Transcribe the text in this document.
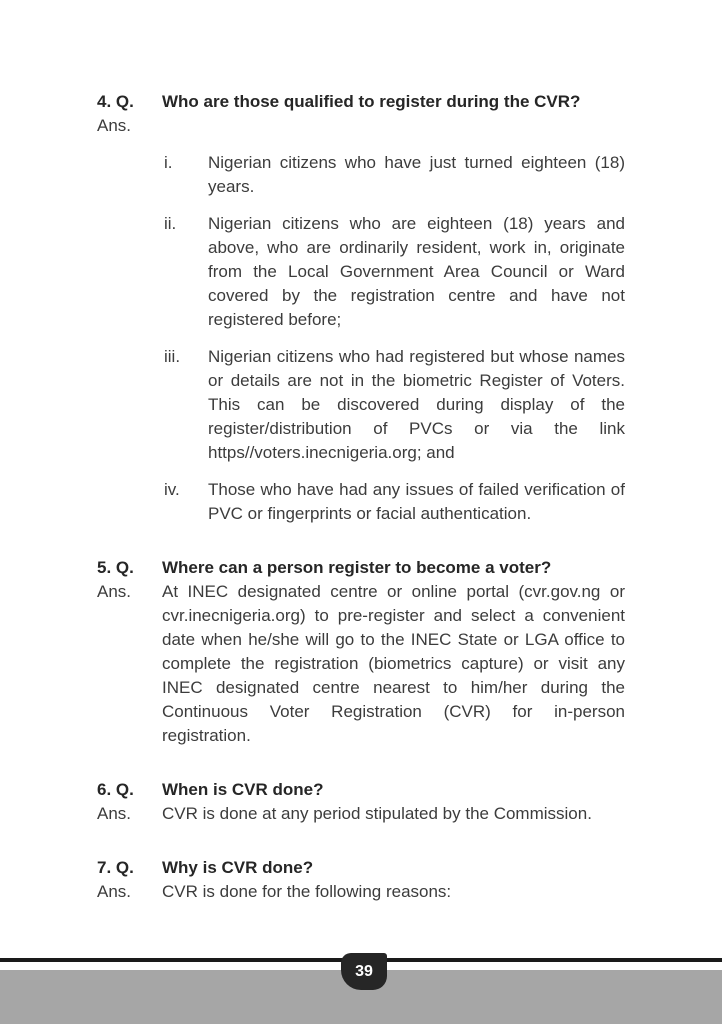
4. Q.	Who are those qualified to register during the CVR?
Ans.
i.	Nigerian citizens who have just turned eighteen (18) years.
ii.	Nigerian citizens who are eighteen (18) years and above, who are ordinarily resident, work in, originate from the Local Government Area Council or Ward covered by the registration centre and have not registered before;
iii.	Nigerian citizens who had registered but whose names or details are not in the biometric Register of Voters. This can be discovered during display of the register/distribution of PVCs or via the link https//voters.inecnigeria.org; and
iv.	Those who have had any issues of failed verification of PVC or fingerprints or facial authentication.
5. Q.	Where can a person register to become a voter?
Ans.	At INEC designated centre or online portal (cvr.gov.ng or cvr.inecnigeria.org) to pre-register and select a convenient date when he/she will go to the INEC State or LGA office to complete the registration (biometrics capture) or visit any INEC designated centre nearest to him/her during the Continuous Voter Registration (CVR) for in-person registration.
6. Q.	When is CVR done?
Ans.	CVR is done at any period stipulated by the Commission.
7. Q.	Why is CVR done?
Ans.	CVR is done for the following reasons:
39
